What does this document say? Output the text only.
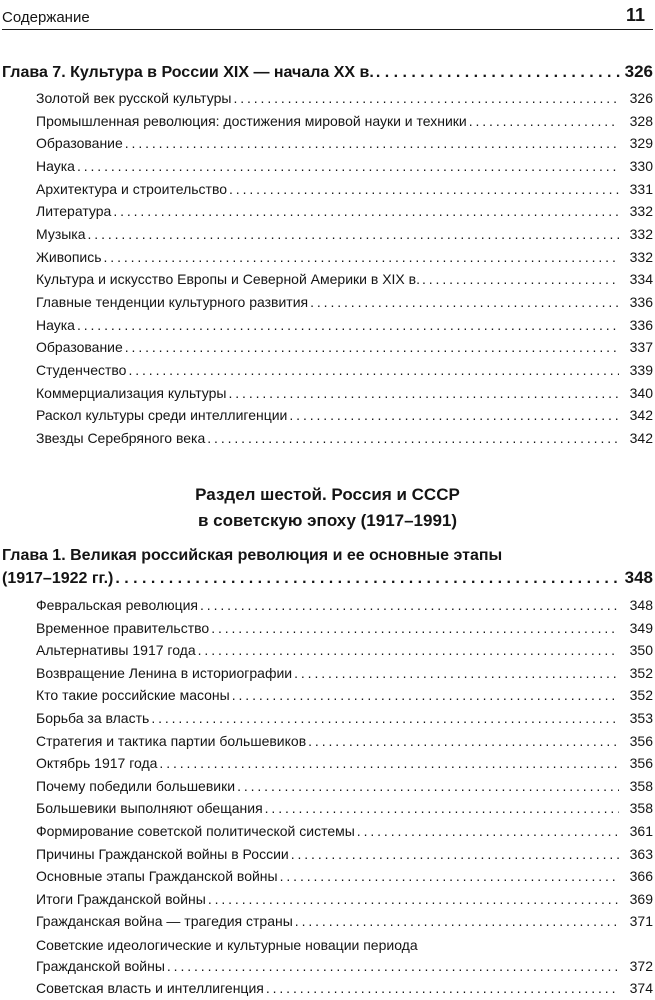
Содержание	11
Глава 7. Культура в России XIX — начала XX в. . . .	326
Золотой век русской культуры . . .	326
Промышленная революция: достижения мировой науки и техники . . .	328
Образование . . .	329
Наука . . .	330
Архитектура и строительство . . .	331
Литература . . .	332
Музыка . . .	332
Живопись . . .	332
Культура и искусство Европы и Северной Америки в XIX в. . . .	334
Главные тенденции культурного развития . . .	336
Наука . . .	336
Образование . . .	337
Студенчество . . .	339
Коммерциализация культуры . . .	340
Раскол культуры среди интеллигенции . . .	342
Звезды Серебряного века . . .	342
Раздел шестой. Россия и СССР
в советскую эпоху (1917–1991)
Глава 1. Великая российская революция и ее основные этапы
(1917–1922 гг.) . . .	348
Февральская революция . . .	348
Временное правительство . . .	349
Альтернативы 1917 года . . .	350
Возвращение Ленина в историографии . . .	352
Кто такие российские масоны . . .	352
Борьба за власть . . .	353
Стратегия и тактика партии большевиков . . .	356
Октябрь 1917 года . . .	356
Почему победили большевики . . .	358
Большевики выполняют обещания . . .	358
Формирование советской политической системы . . .	361
Причины Гражданской войны в России . . .	363
Основные этапы Гражданской войны . . .	366
Итоги Гражданской войны . . .	369
Гражданская война — трагедия страны . . .	371
Советские идеологические и культурные новации периода
Гражданской войны . . .	372
Советская власть и интеллигенция . . .	374
